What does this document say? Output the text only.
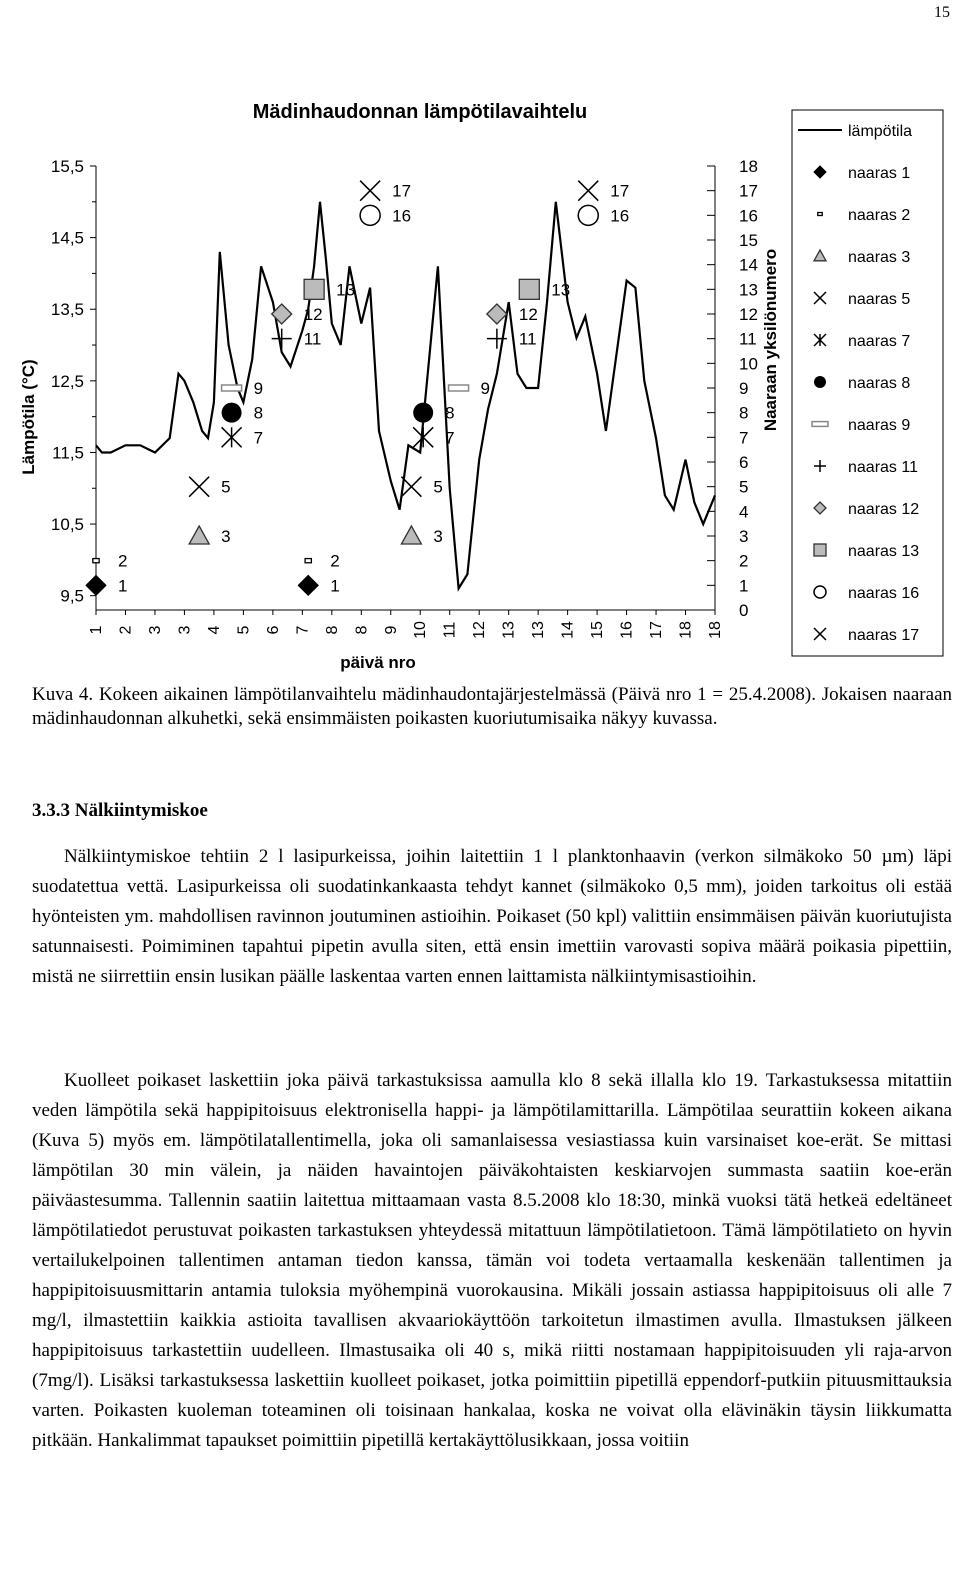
15
Mädinhaudonnan lämpötilavaihtelu
Lämpötila (°C)	Naaraan yksilönumero
päivä nro
15,5
14,5
13,5
12,5
11,5
10,5
9,5
18
17
16
15
14
13
12
11
10
9
8
7
6
5
4
3
2
1
0
1 2 3 3 4 5 6 7 8 8 9 10 11 12 13 13 14 15 16 17 18 18
1
2
3
5
7
8
9
11
12
13
16
17
1
2
3
5
7
8
9
11
12
13
16
17
lämpötila
naaras 1
naaras 2
naaras 3
naaras 5
naaras 7
naaras 8
naaras 9
naaras 11
naaras 12
naaras 13
naaras 16
naaras 17
Kuva 4. Kokeen aikainen lämpötilanvaihtelu mädinhaudontajärjestelmässä (Päivä nro 1 = 25.4.2008). Jokaisen naaraan mädinhaudonnan alkuhetki, sekä ensimmäisten poikasten kuoriutumisaika näkyy kuvassa.
3.3.3 Nälkiintymiskoe

Nälkiintymiskoe tehtiin 2 l lasipurkeissa, joihin laitettiin 1 l planktonhaavin (verkon silmäkoko 50 µm) läpi suodatettua vettä. Lasipurkeissa oli suodatinkankaasta tehdyt kannet (silmäkoko 0,5 mm), joiden tarkoitus oli estää hyönteisten ym. mahdollisen ravinnon joutuminen astioihin. Poikaset (50 kpl) valittiin ensimmäisen päivän kuoriutujista satunnaisesti. Poimiminen tapahtui pipetin avulla siten, että ensin imettiin varovasti sopiva määrä poikasia pipettiin, mistä ne siirrettiin ensin lusikan päälle laskentaa varten ennen laittamista nälkiintymisastioihin.

Kuolleet poikaset laskettiin joka päivä tarkastuksissa aamulla klo 8 sekä illalla klo 19. Tarkastuksessa mitattiin veden lämpötila sekä happipitoisuus elektronisella happi- ja lämpötilamittarilla. Lämpötilaa seurattiin kokeen aikana (Kuva 5) myös em. lämpötilatallentimella, joka oli samanlaisessa vesiastiassa kuin varsinaiset koe-erät. Se mittasi lämpötilan 30 min välein, ja näiden havaintojen päiväkohtaisten keskiarvojen summasta saatiin koe-erän päiväastesumma. Tallennin saatiin laitettua mittaamaan vasta 8.5.2008 klo 18:30, minkä vuoksi tätä hetkeä edeltäneet lämpötilatiedot perustuvat poikasten tarkastuksen yhteydessä mitattuun lämpötilatietoon. Tämä lämpötilatieto on hyvin vertailukelpoinen tallentimen antaman tiedon kanssa, tämän voi todeta vertaamalla keskenään tallentimen ja happipitoisuusmittarin antamia tuloksia myöhempinä vuorokausina. Mikäli jossain astiassa happipitoisuus oli alle 7 mg/l, ilmastettiin kaikkia astioita tavallisen akvaariokäyttöön tarkoitetun ilmastimen avulla. Ilmastuksen jälkeen happipitoisuus tarkastettiin uudelleen. Ilmastusaika oli 40 s, mikä riitti nostamaan happipitoisuuden yli raja-arvon (7mg/l). Lisäksi tarkastuksessa laskettiin kuolleet poikaset, jotka poimittiin pipetillä eppendorf-putkiin pituusmittauksia varten. Poikasten kuoleman toteaminen oli toisinaan hankalaa, koska ne voivat olla elävinäkin täysin liikkumatta pitkään. Hankalimmat tapaukset poimittiin pipetillä kertakäyttölusikkaan, jossa voitiin
